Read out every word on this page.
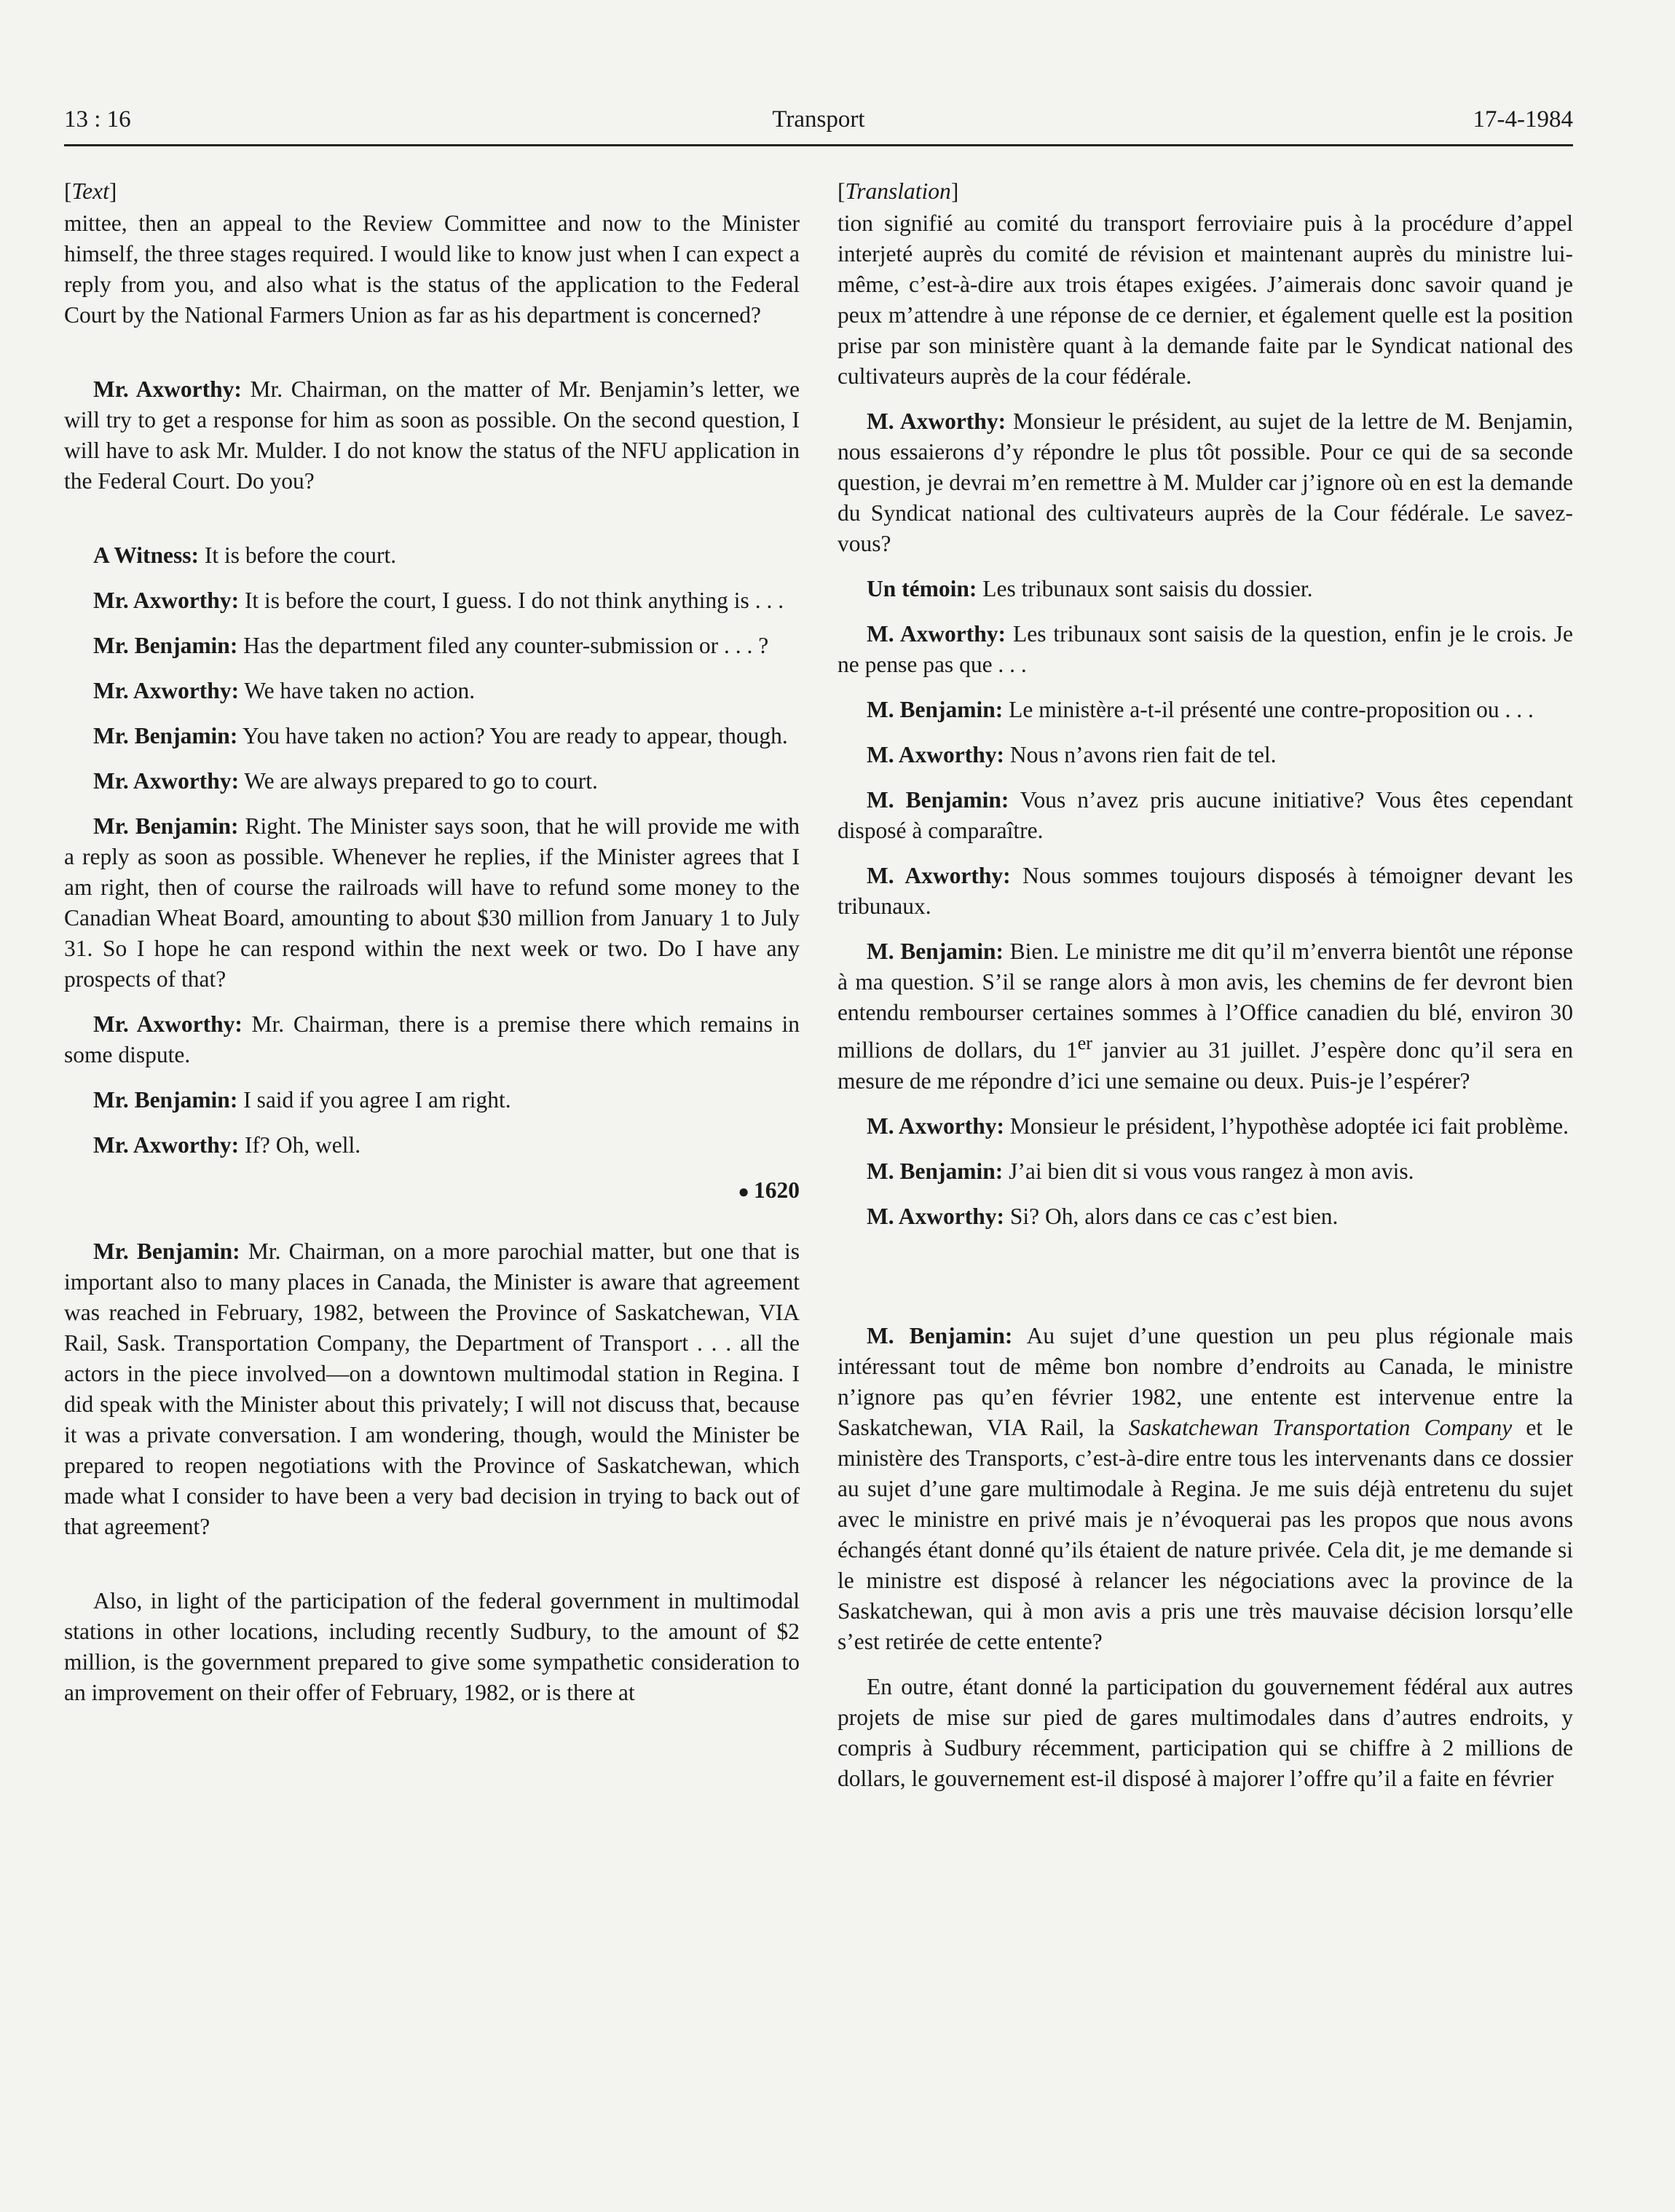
13 : 16	Transport	17-4-1984
[ Text ]

mittee, then an appeal to the Review Committee and now to the Minister himself, the three stages required. I would like to know just when I can expect a reply from you, and also what is the status of the application to the Federal Court by the National Farmers Union as far as his department is concerned?

Mr. Axworthy: Mr. Chairman, on the matter of Mr. Benjamin’s letter, we will try to get a response for him as soon as possible. On the second question, I will have to ask Mr. Mulder. I do not know the status of the NFU application in the Federal Court. Do you?

A Witness: It is before the court.

Mr. Axworthy: It is before the court, I guess. I do not think anything is . . .

Mr. Benjamin: Has the department filed any counter-submission or . . . ?

Mr. Axworthy: We have taken no action.

Mr. Benjamin: You have taken no action? You are ready to appear, though.

Mr. Axworthy: We are always prepared to go to court.

Mr. Benjamin: Right. The Minister says soon, that he will provide me with a reply as soon as possible. Whenever he replies, if the Minister agrees that I am right, then of course the railroads will have to refund some money to the Canadian Wheat Board, amounting to about $30 million from January 1 to July 31. So I hope he can respond within the next week or two. Do I have any prospects of that?

Mr. Axworthy: Mr. Chairman, there is a premise there which remains in some dispute.

Mr. Benjamin: I said if you agree I am right.

Mr. Axworthy: If? Oh, well.

● 1620

Mr. Benjamin: Mr. Chairman, on a more parochial matter, but one that is important also to many places in Canada, the Minister is aware that agreement was reached in February, 1982, between the Province of Saskatchewan, VIA Rail, Sask. Transportation Company, the Department of Transport . . . all the actors in the piece involved—on a downtown multimodal station in Regina. I did speak with the Minister about this privately; I will not discuss that, because it was a private conversation. I am wondering, though, would the Minister be prepared to reopen negotiations with the Province of Saskatchewan, which made what I consider to have been a very bad decision in trying to back out of that agreement?

Also, in light of the participation of the federal government in multimodal stations in other locations, including recently Sudbury, to the amount of $2 million, is the government prepared to give some sympathetic consideration to an improvement on their offer of February, 1982, or is there at

[ Translation ]

tion signifié au comité du transport ferroviaire puis à la procédure d’appel interjeté auprès du comité de révision et maintenant auprès du ministre lui-même, c’est-à-dire aux trois étapes exigées. J’aimerais donc savoir quand je peux m’attendre à une réponse de ce dernier, et également quelle est la position prise par son ministère quant à la demande faite par le Syndicat national des cultivateurs auprès de la cour fédérale.

M. Axworthy: Monsieur le président, au sujet de la lettre de M. Benjamin, nous essaierons d’y répondre le plus tôt possible. Pour ce qui de sa seconde question, je devrai m’en remettre à M. Mulder car j’ignore où en est la demande du Syndicat national des cultivateurs auprès de la Cour fédérale. Le savez-vous?

Un témoin: Les tribunaux sont saisis du dossier.

M. Axworthy: Les tribunaux sont saisis de la question, enfin je le crois. Je ne pense pas que . . .

M. Benjamin: Le ministère a-t-il présenté une contre-proposition ou . . .

M. Axworthy: Nous n’avons rien fait de tel.

M. Benjamin: Vous n’avez pris aucune initiative? Vous êtes cependant disposé à comparaître.

M. Axworthy: Nous sommes toujours disposés à témoigner devant les tribunaux.

M. Benjamin: Bien. Le ministre me dit qu’il m’enverra bientôt une réponse à ma question. S’il se range alors à mon avis, les chemins de fer devront bien entendu rembourser certaines sommes à l’Office canadien du blé, environ 30 millions de dollars, du 1er janvier au 31 juillet. J’espère donc qu’il sera en mesure de me répondre d’ici une semaine ou deux. Puis-je l’espérer?

M. Axworthy: Monsieur le président, l’hypothèse adoptée ici fait problème.

M. Benjamin: J’ai bien dit si vous vous rangez à mon avis.

M. Axworthy: Si? Oh, alors dans ce cas c’est bien.

M. Benjamin: Au sujet d’une question un peu plus régionale mais intéressant tout de même bon nombre d’endroits au Canada, le ministre n’ignore pas qu’en février 1982, une entente est intervenue entre la Saskatchewan, VIA Rail, la Saskatchewan Transportation Company et le ministère des Transports, c’est-à-dire entre tous les intervenants dans ce dossier au sujet d’une gare multimodale à Regina. Je me suis déjà entretenu du sujet avec le ministre en privé mais je n’évoquerai pas les propos que nous avons échangés étant donné qu’ils étaient de nature privée. Cela dit, je me demande si le ministre est disposé à relancer les négociations avec la province de la Saskatchewan, qui à mon avis a pris une très mauvaise décision lorsqu’elle s’est retirée de cette entente?

En outre, étant donné la participation du gouvernement fédéral aux autres projets de mise sur pied de gares multimodales dans d’autres endroits, y compris à Sudbury récemment, participation qui se chiffre à 2 millions de dollars, le gouvernement est-il disposé à majorer l’offre qu’il a faite en février
